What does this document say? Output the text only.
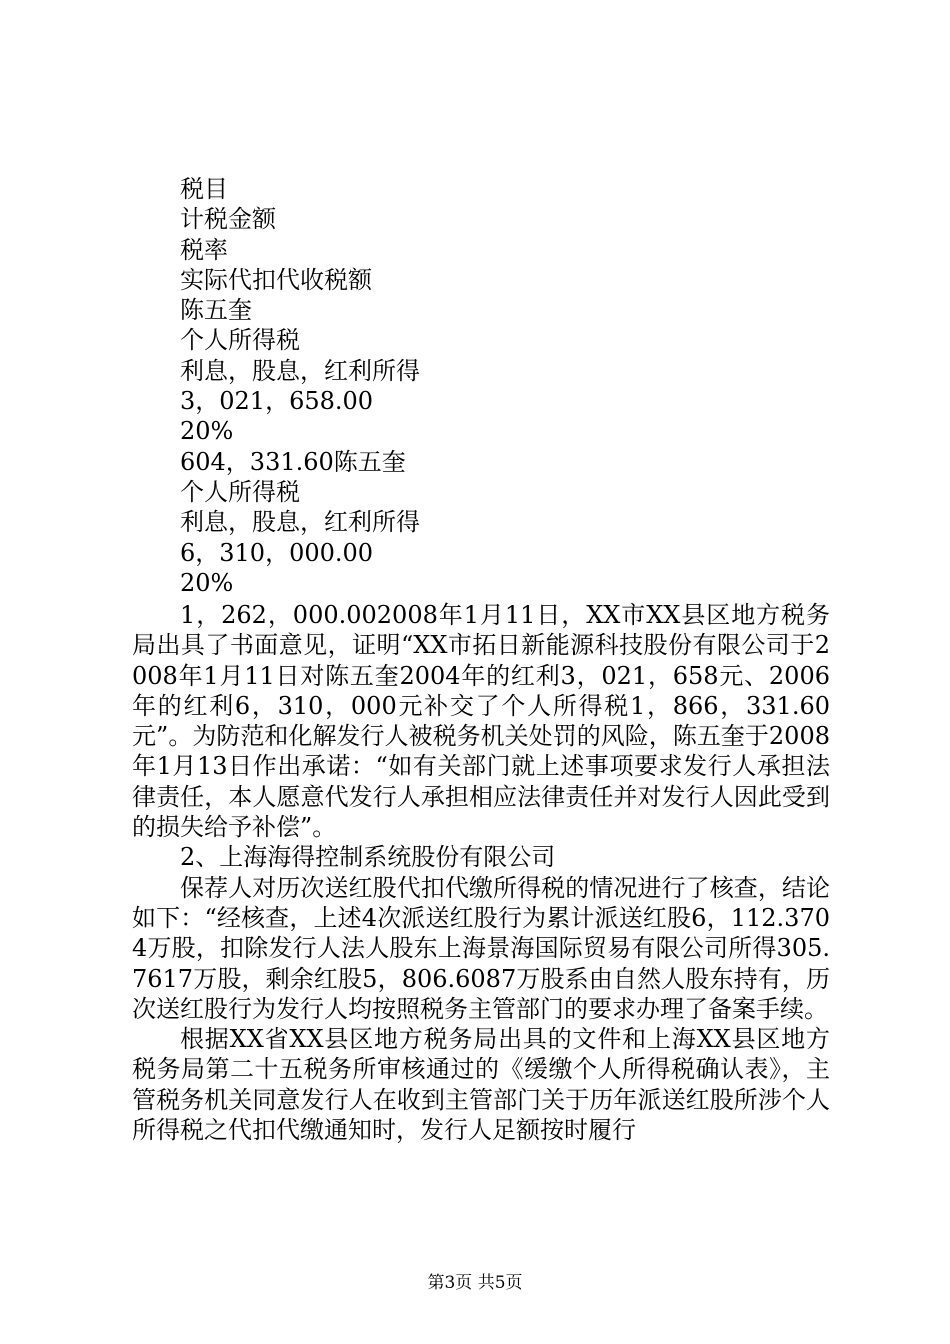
税目
计税金额
税率
实际代扣代收税额
陈五奎
个人所得税
利息，股息，红利所得
3，021，658.00
20%
604，331.60陈五奎
个人所得税
利息，股息，红利所得
6，310，000.00
20%

1，262，000.002008年1月11日，XX市XX县区地方税务局出具了书面意见，证明“XX市拓日新能源科技股份有限公司于2008年1月11日对陈五奎2004年的红利3，021，658元、2006年的红利6，310，000元补交了个人所得税1，866，331.60元”。为防范和化解发行人被税务机关处罚的风险，陈五奎于2008年1月13日作出承诺：“如有关部门就上述事项要求发行人承担法律责任，本人愿意代发行人承担相应法律责任并对发行人因此受到的损失给予补偿”。

2、上海海得控制系统股份有限公司

保荐人对历次送红股代扣代缴所得税的情况进行了核查，结论如下：“经核查，上述4次派送红股行为累计派送红股6，112.3704万股，扣除发行人法人股东上海景海国际贸易有限公司所得305.7617万股，剩余红股5，806.6087万股系由自然人股东持有，历次送红股行为发行人均按照税务主管部门的要求办理了备案手续。

根据XX省XX县区地方税务局出具的文件和上海XX县区地方税务局第二十五税务所审核通过的《缓缴个人所得税确认表》，主管税务机关同意发行人在收到主管部门关于历年派送红股所涉个人所得税之代扣代缴通知时，发行人足额按时履行

第3页 共5页
